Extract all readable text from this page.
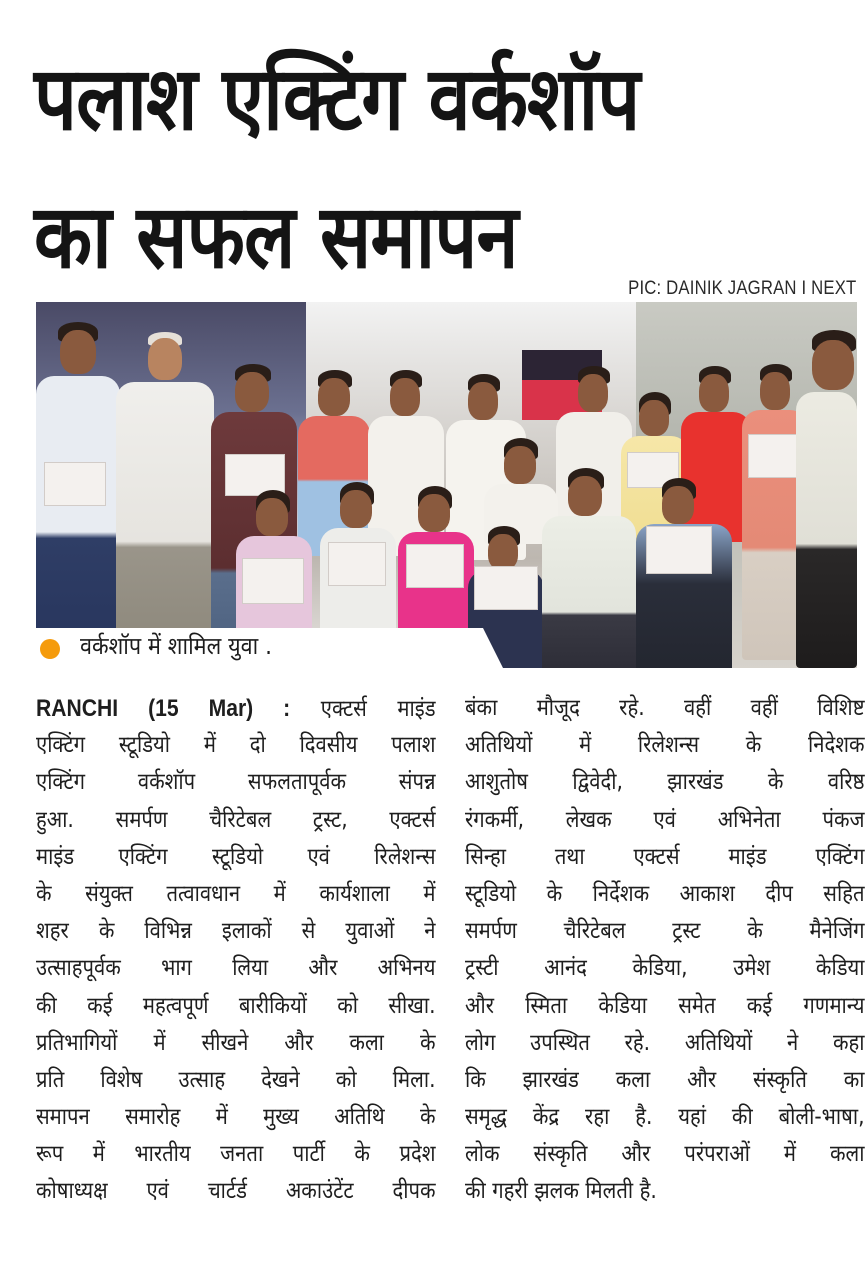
पलाश एक्टिंग वर्कशॉप
का सफल समापन
PIC: DAINIK JAGRAN I NEXT
वर्कशॉप में शामिल युवा .
RANCHI (15 Mar) : एक्टर्स माइंड
एक्टिंग स्टूडियो में दो दिवसीय पलाश
एक्टिंग वर्कशॉप सफलतापूर्वक संपन्न
हुआ. समर्पण चैरिटेबल ट्रस्ट, एक्टर्स
माइंड एक्टिंग स्टूडियो एवं रिलेशन्स
के संयुक्त तत्वावधान में कार्यशाला में
शहर के विभिन्न इलाकों से युवाओं ने
उत्साहपूर्वक भाग लिया और अभिनय
की कई महत्वपूर्ण बारीकियों को सीखा.
प्रतिभागियों में सीखने और कला के
प्रति विशेष उत्साह देखने को मिला.
समापन समारोह में मुख्य अतिथि के
रूप में भारतीय जनता पार्टी के प्रदेश
कोषाध्यक्ष एवं चार्टर्ड अकाउंटेंट दीपक
बंका मौजूद रहे. वहीं वहीं विशिष्ट
अतिथियों में रिलेशन्स के निदेशक
आशुतोष द्विवेदी, झारखंड के वरिष्ठ
रंगकर्मी, लेखक एवं अभिनेता पंकज
सिन्हा तथा एक्टर्स माइंड एक्टिंग
स्टूडियो के निर्देशक आकाश दीप सहित
समर्पण चैरिटेबल ट्रस्ट के मैनेजिंग
ट्रस्टी आनंद केडिया, उमेश केडिया
और स्मिता केडिया समेत कई गणमान्य
लोग उपस्थित रहे. अतिथियों ने कहा
कि झारखंड कला और संस्कृति का
समृद्ध केंद्र रहा है. यहां की बोली-भाषा,
लोक संस्कृति और परंपराओं में कला
की गहरी झलक मिलती है.
